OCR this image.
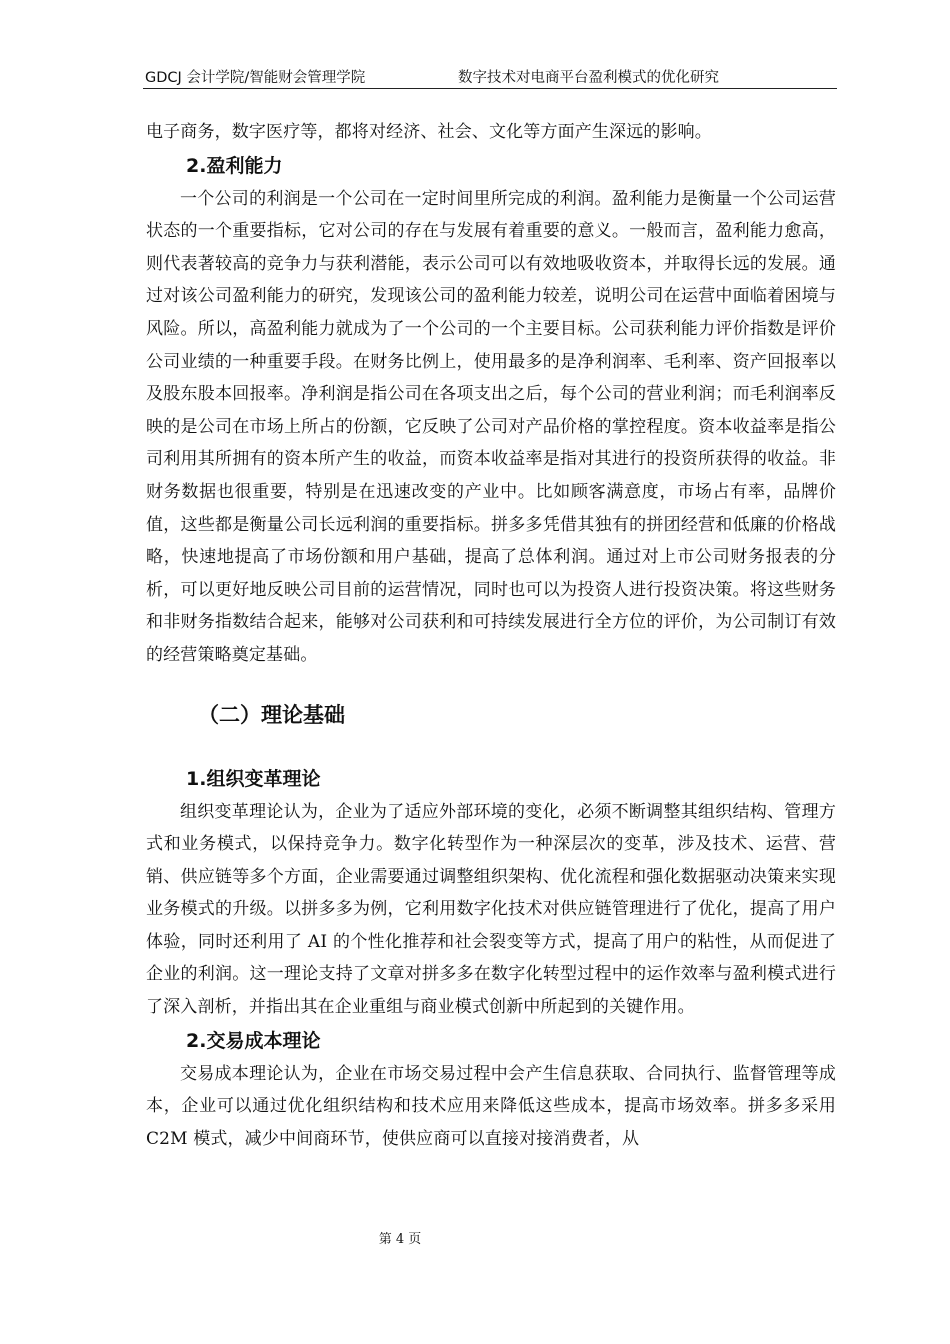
GDCJ 会计学院/智能财会管理学院	数字技术对电商平台盈利模式的优化研究

电子商务，数字医疗等，都将对经济、社会、文化等方面产生深远的影响。

2.盈利能力

一个公司的利润是一个公司在一定时间里所完成的利润。盈利能力是衡量一个公司运营状态的一个重要指标，它对公司的存在与发展有着重要的意义。一般而言，盈利能力愈高，则代表著较高的竞争力与获利潜能，表示公司可以有效地吸收资本，并取得长远的发展。通过对该公司盈利能力的研究，发现该公司的盈利能力较差，说明公司在运营中面临着困境与风险。所以，高盈利能力就成为了一个公司的一个主要目标。公司获利能力评价指数是评价公司业绩的一种重要手段。在财务比例上，使用最多的是净利润率、毛利率、资产回报率以及股东股本回报率。净利润是指公司在各项支出之后，每个公司的营业利润；而毛利润率反映的是公司在市场上所占的份额，它反映了公司对产品价格的掌控程度。资本收益率是指公司利用其所拥有的资本所产生的收益，而资本收益率是指对其进行的投资所获得的收益。非财务数据也很重要，特别是在迅速改变的产业中。比如顾客满意度，市场占有率，品牌价值，这些都是衡量公司长远利润的重要指标。拼多多凭借其独有的拼团经营和低廉的价格战略，快速地提高了市场份额和用户基础，提高了总体利润。通过对上市公司财务报表的分析，可以更好地反映公司目前的运营情况，同时也可以为投资人进行投资决策。将这些财务和非财务指数结合起来，能够对公司获利和可持续发展进行全方位的评价，为公司制订有效的经营策略奠定基础。

（二）理论基础
1.组织变革理论

组织变革理论认为，企业为了适应外部环境的变化，必须不断调整其组织结构、管理方式和业务模式，以保持竞争力。数字化转型作为一种深层次的变革，涉及技术、运营、营销、供应链等多个方面，企业需要通过调整组织架构、优化流程和强化数据驱动决策来实现业务模式的升级。以拼多多为例，它利用数字化技术对供应链管理进行了优化，提高了用户体验，同时还利用了 AI 的个性化推荐和社会裂变等方式，提高了用户的粘性，从而促进了企业的利润。这一理论支持了文章对拼多多在数字化转型过程中的运作效率与盈利模式进行了深入剖析，并指出其在企业重组与商业模式创新中所起到的关键作用。

2.交易成本理论

交易成本理论认为，企业在市场交易过程中会产生信息获取、合同执行、监督管理等成本，企业可以通过优化组织结构和技术应用来降低这些成本，提高市场效率。拼多多采用 C2M 模式，减少中间商环节，使供应商可以直接对接消费者，从

第 4 页
